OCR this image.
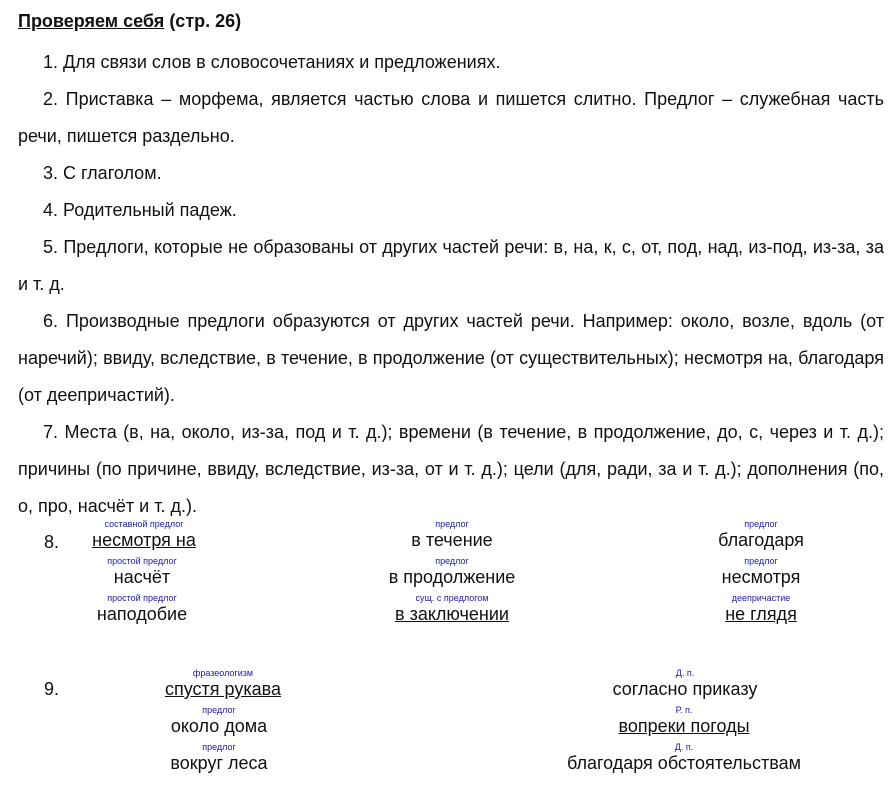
Проверяем себя (стр. 26)

1. Для связи слов в словосочетаниях и предложениях.

2. Приставка – морфема, является частью слова и пишется слитно. Предлог – служебная часть речи, пишется раздельно.

3. С глаголом.

4. Родительный падеж.

5. Предлоги, которые не образованы от других частей речи: в, на, к, с, от, под, над, из-под, из-за, за и т. д.

6. Производные предлоги образуются от других частей речи. Например: около, возле, вдоль (от наречий); ввиду, вследствие, в течение, в продолжение (от существительных); несмотря на, благодаря (от деепричастий).

7. Места (в, на, около, из-за, под и т. д.); времени (в течение, в продолжение, до, с, через и т. д.); причины (по причине, ввиду, вследствие, из-за, от и т. д.); цели (для, ради, за и т. д.); дополнения (по, о, про, насчёт и т. д.).

8.
составной предлог
несмотря на
предлог
в течение
предлог
благодаря
простой предлог
насчёт
предлог
в продолжение
предлог
несмотря
простой предлог
наподобие
сущ. с предлогом
в заключении
деепричастие
не глядя
9.
фразеологизм
спустя рукава
Д. п.
согласно приказу
предлог
около дома
Р. п.
вопреки погоды
предлог
вокруг леса
Д. п.
благодаря обстоятельствам
